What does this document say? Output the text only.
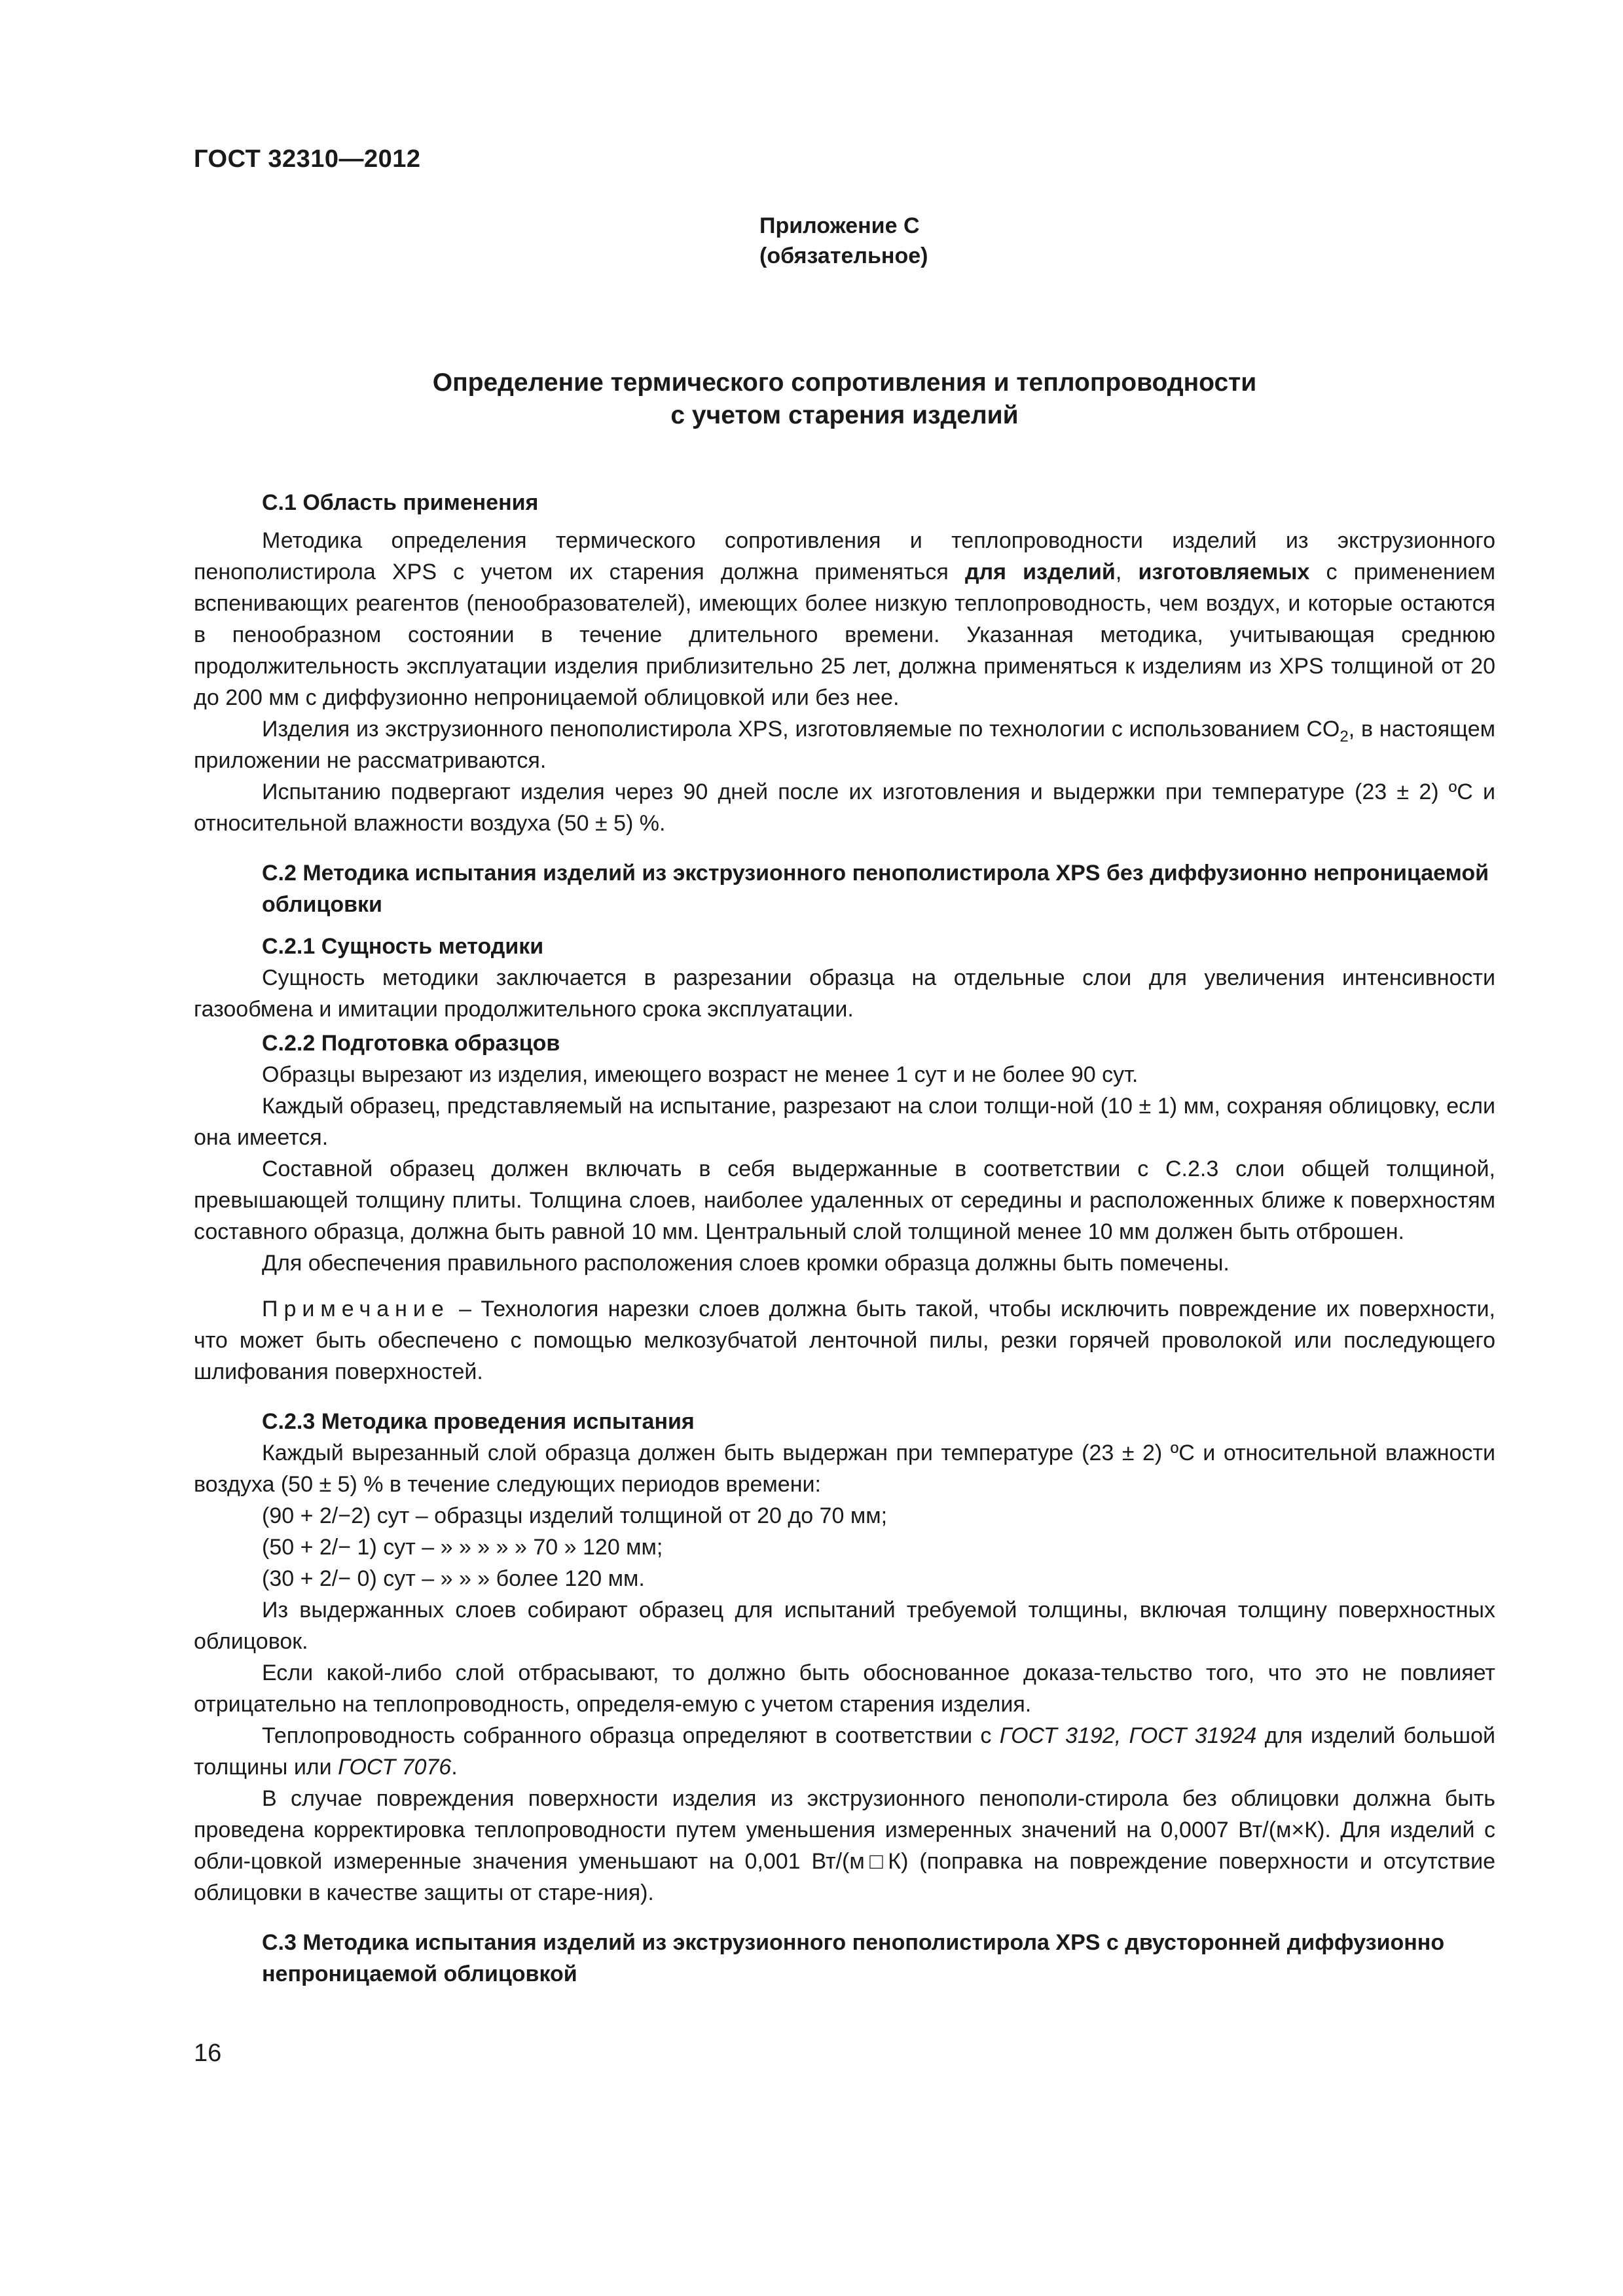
ГОСТ 32310—2012
Приложение С
(обязательное)
Определение термического сопротивления и теплопроводности
с учетом старения изделий

С.1 Область применения

Методика определения термического сопротивления и теплопроводности изделий из экструзионного пенополистирола XPS с учетом их старения должна применяться для изделий, изготовляемых с применением вспенивающих реагентов (пенообразователей), имеющих более низкую теплопроводность, чем воздух, и которые остаются в пенообразном состоянии в течение длительного времени. Указанная методика, учитывающая среднюю продолжительность эксплуатации изделия приблизительно 25 лет, должна применяться к изделиям из XPS толщиной от 20 до 200 мм с диффузионно непроницаемой облицовкой или без нее.

Изделия из экструзионного пенополистирола XPS, изготовляемые по технологии с использованием $CO_2$, в настоящем приложении не рассматриваются.

Испытанию подвергают изделия через 90 дней после их изготовления и выдержки при температуре (23 ± 2) ºС и относительной влажности воздуха (50 ± 5) %.

С.2 Методика испытания изделий из экструзионного пенополистирола XPS без диффузионно непроницаемой облицовки

С.2.1 Сущность методики

Сущность методики заключается в разрезании образца на отдельные слои для увеличения интенсивности газообмена и имитации продолжительного срока эксплуатации.

С.2.2 Подготовка образцов

Образцы вырезают из изделия, имеющего возраст не менее 1 сут и не более 90 сут.

Каждый образец, представляемый на испытание, разрезают на слои толщи-ной (10 ± 1) мм, сохраняя облицовку, если она имеется.

Составной образец должен включать в себя выдержанные в соответствии с С.2.3 слои общей толщиной, превышающей толщину плиты. Толщина слоев, наиболее удаленных от середины и расположенных ближе к поверхностям составного образца, должна быть равной 10 мм. Центральный слой толщиной менее 10 мм должен быть отброшен.

Для обеспечения правильного расположения слоев кромки образца должны быть помечены.

Примечание – Технология нарезки слоев должна быть такой, чтобы исключить повреждение их поверхности, что может быть обеспечено с помощью мелкозубчатой ленточной пилы, резки горячей проволокой или последующего шлифования поверхностей.

С.2.3 Методика проведения испытания

Каждый вырезанный слой образца должен быть выдержан при температуре (23 ± 2) ºС и относительной влажности воздуха (50 ± 5) % в течение следующих периодов времени:

(90 + 2/−2) сут – образцы изделий толщиной от 20 до 70 мм;

(50 + 2/− 1) сут – » » » » » 70 » 120 мм;

(30 + 2/− 0) сут – » » » более 120 мм.

Из выдержанных слоев собирают образец для испытаний требуемой толщины, включая толщину поверхностных облицовок.

Если какой-либо слой отбрасывают, то должно быть обоснованное доказа-тельство того, что это не повлияет отрицательно на теплопроводность, определя-емую с учетом старения изделия.

Теплопроводность собранного образца определяют в соответствии с ГОСТ 3192, ГОСТ 31924 для изделий большой толщины или ГОСТ 7076.

В случае повреждения поверхности изделия из экструзионного пенополи-стирола без облицовки должна быть проведена корректировка теплопроводности путем уменьшения измеренных значений на 0,0007 Вт/(м×К). Для изделий с обли-цовкой измеренные значения уменьшают на 0,001 Вт/(м□К) (поправка на повреждение поверхности и отсутствие облицовки в качестве защиты от старе-ния).

С.3 Методика испытания изделий из экструзионного пенополистирола XPS с двусторонней диффузионно непроницаемой облицовкой

16
